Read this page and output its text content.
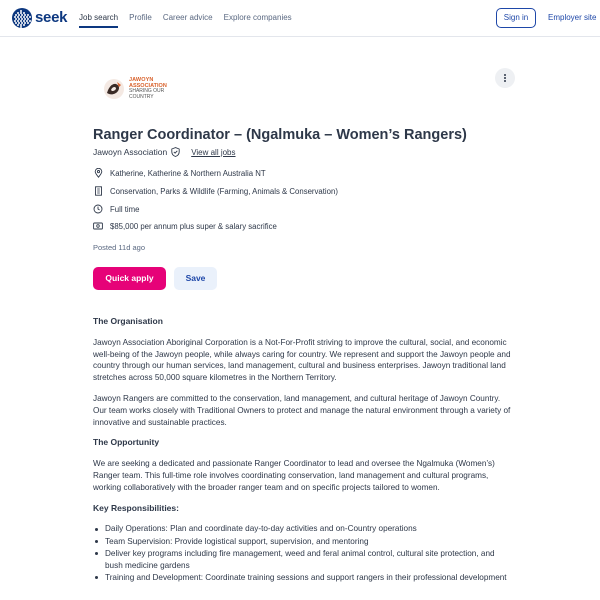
seek Job search Profile Career advice Explore companies	Sign in	Employer site
JAWOYN
ASSOCIATION
SHARING OUR
COUNTRY
Ranger Coordinator – (Ngalmuka – Women’s Rangers)
Jawoyn Association	View all jobs
Katherine, Katherine & Northern Australia NT
Conservation, Parks & Wildlife (Farming, Animals & Conservation)
Full time
$85,000 per annum plus super & salary sacrifice
Posted 11d ago
Quick apply	Save
The Organisation

Jawoyn Association Aboriginal Corporation is a Not-For-Profit striving to improve the cultural, social, and economic well-being of the Jawoyn people, while always caring for country. We represent and support the Jawoyn people and country through our human services, land management, cultural and business enterprises. Jawoyn traditional land stretches across 50,000 square kilometres in the Northern Territory.

Jawoyn Rangers are committed to the conservation, land management, and cultural heritage of Jawoyn Country. Our team works closely with Traditional Owners to protect and manage the natural environment through a variety of innovative and sustainable practices.

The Opportunity

We are seeking a dedicated and passionate Ranger Coordinator to lead and oversee the Ngalmuka (Women’s) Ranger team. This full-time role involves coordinating conservation, land management and cultural programs, working collaboratively with the broader ranger team and on specific projects tailored to women.

Key Responsibilities:
Daily Operations: Plan and coordinate day-to-day activities and on-Country operations
Team Supervision: Provide logistical support, supervision, and mentoring
Deliver key programs including fire management, weed and feral animal control, cultural site protection, and bush medicine gardens
Training and Development: Coordinate training sessions and support rangers in their professional development
